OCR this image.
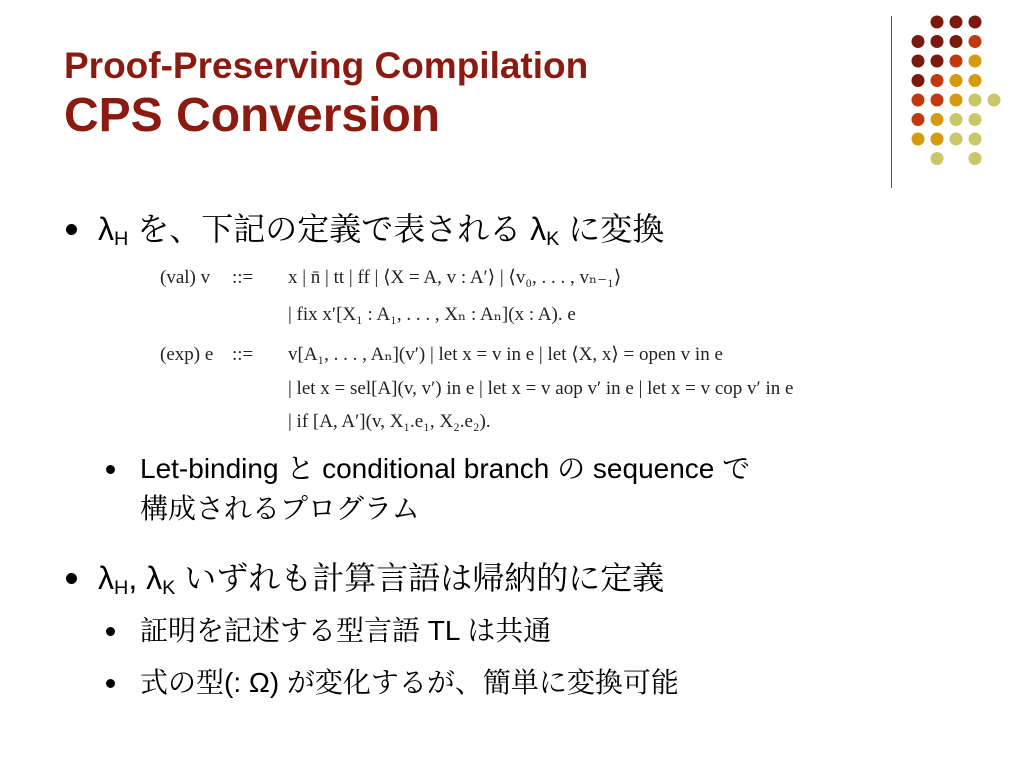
Proof-Preserving Compilation
CPS Conversion
$\lambda_H$ を、下記の定義で表される $\lambda_K$ に変換
(val) v ::= x | n̄ | tt | ff | ⟨X = A, v : A′⟩ | ⟨v₀, . . . , vₙ₋₁⟩
| fix x′[X₁ : A₁, . . . , Xₙ : Aₙ](x : A). e
(exp) e ::= v[A₁, . . . , Aₙ](v′) | let x = v in e | let ⟨X, x⟩ = open v in e
| let x = sel[A](v, v′) in e | let x = v aop v′ in e | let x = v cop v′ in e
| if [A, A′](v, X₁.e₁, X₂.e₂).
Let-binding と conditional branch の sequence で
構成されるプログラム
$\lambda_H$, $\lambda_K$ いずれも計算言語は帰納的に定義
証明を記述する型言語 TL は共通
式の型(: Ω) が変化するが、簡単に変換可能
